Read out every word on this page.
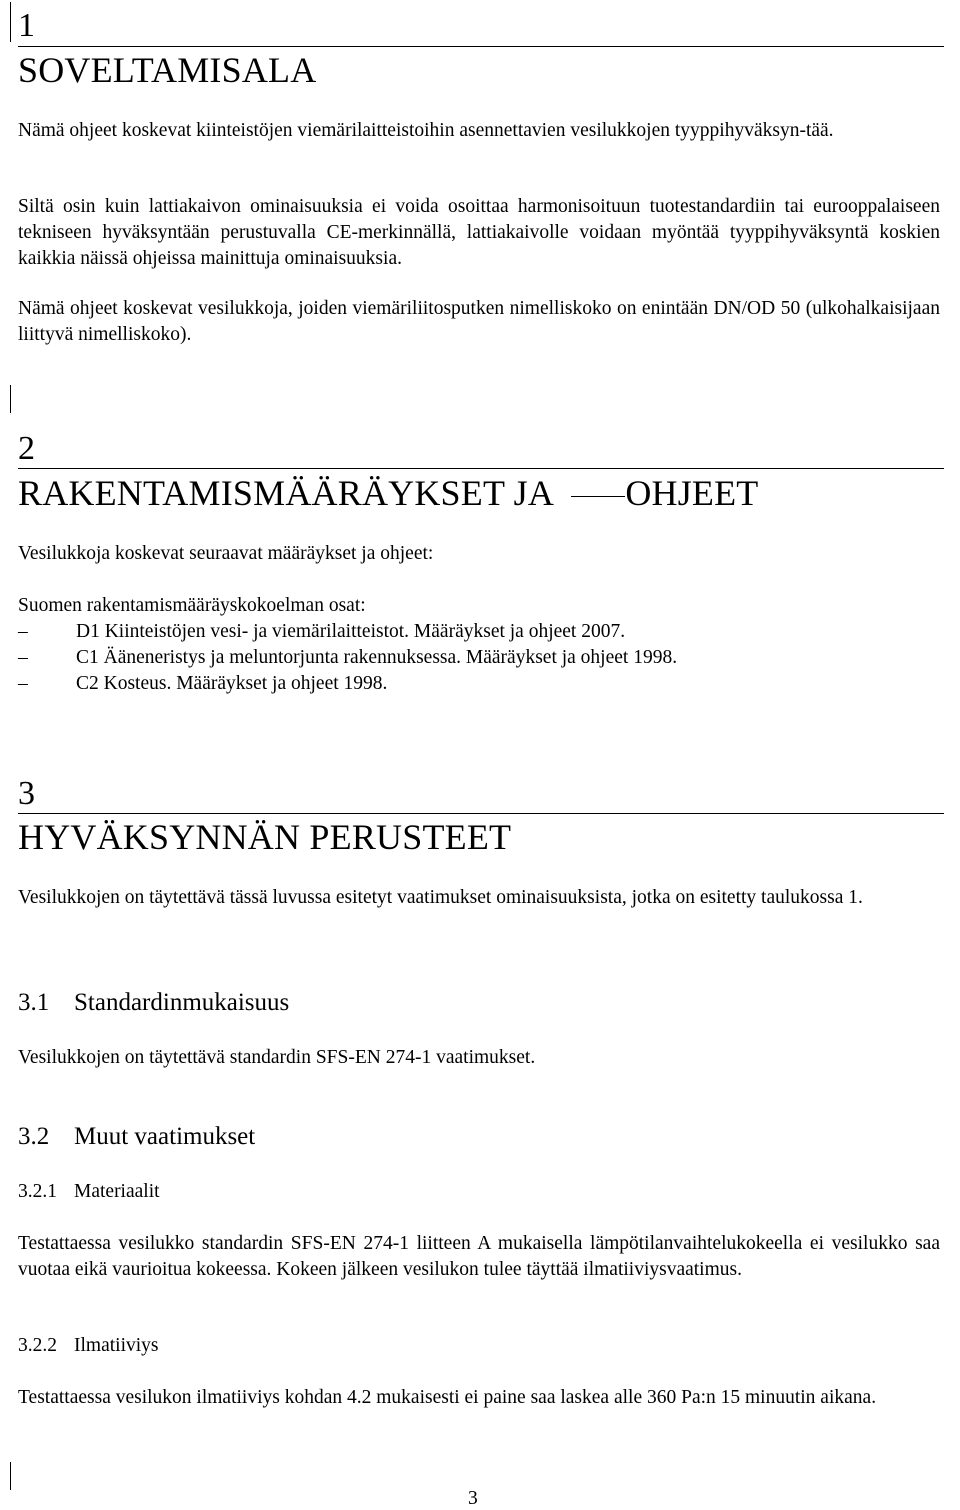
1
SOVELTAMISALA
Nämä ohjeet koskevat kiinteistöjen viemärilaitteistoihin asennettavien vesilukkojen tyyppihyväksyn-tää.
Siltä osin kuin lattiakaivon ominaisuuksia ei voida osoittaa harmonisoituun tuotestandardiin tai eurooppalaiseen tekniseen hyväksyntään perustuvalla CE-merkinnällä, lattiakaivolle voidaan myöntää tyyppihyväksyntä koskien kaikkia näissä ohjeissa mainittuja ominaisuuksia.
Nämä ohjeet koskevat vesilukkoja, joiden viemäriliitosputken nimelliskoko on enintään DN/OD 50 (ulkohalkaisijaan liittyvä nimelliskoko).
2
RAKENTAMISMÄÄRÄYKSET JA OHJEET
Vesilukkoja koskevat seuraavat määräykset ja ohjeet:
Suomen rakentamismääräyskokoelman osat:
– D1 Kiinteistöjen vesi- ja viemärilaitteistot. Määräykset ja ohjeet 2007.
– C1 Ääneneristys ja meluntorjunta rakennuksessa. Määräykset ja ohjeet 1998.
– C2 Kosteus. Määräykset ja ohjeet 1998.
3
HYVÄKSYNNÄN PERUSTEET
Vesilukkojen on täytettävä tässä luvussa esitetyt vaatimukset ominaisuuksista, jotka on esitetty taulukossa 1.
3.1 Standardinmukaisuus
Vesilukkojen on täytettävä standardin SFS-EN 274-1 vaatimukset.
3.2 Muut vaatimukset
3.2.1 Materiaalit
Testattaessa vesilukko standardin SFS-EN 274-1 liitteen A mukaisella lämpötilanvaihtelukokeella ei vesilukko saa vuotaa eikä vaurioitua kokeessa. Kokeen jälkeen vesilukon tulee täyttää ilmatiiviysvaatimus.
3.2.2 Ilmatiiviys
Testattaessa vesilukon ilmatiiviys kohdan 4.2 mukaisesti ei paine saa laskea alle 360 Pa:n 15 minuutin aikana.
3
